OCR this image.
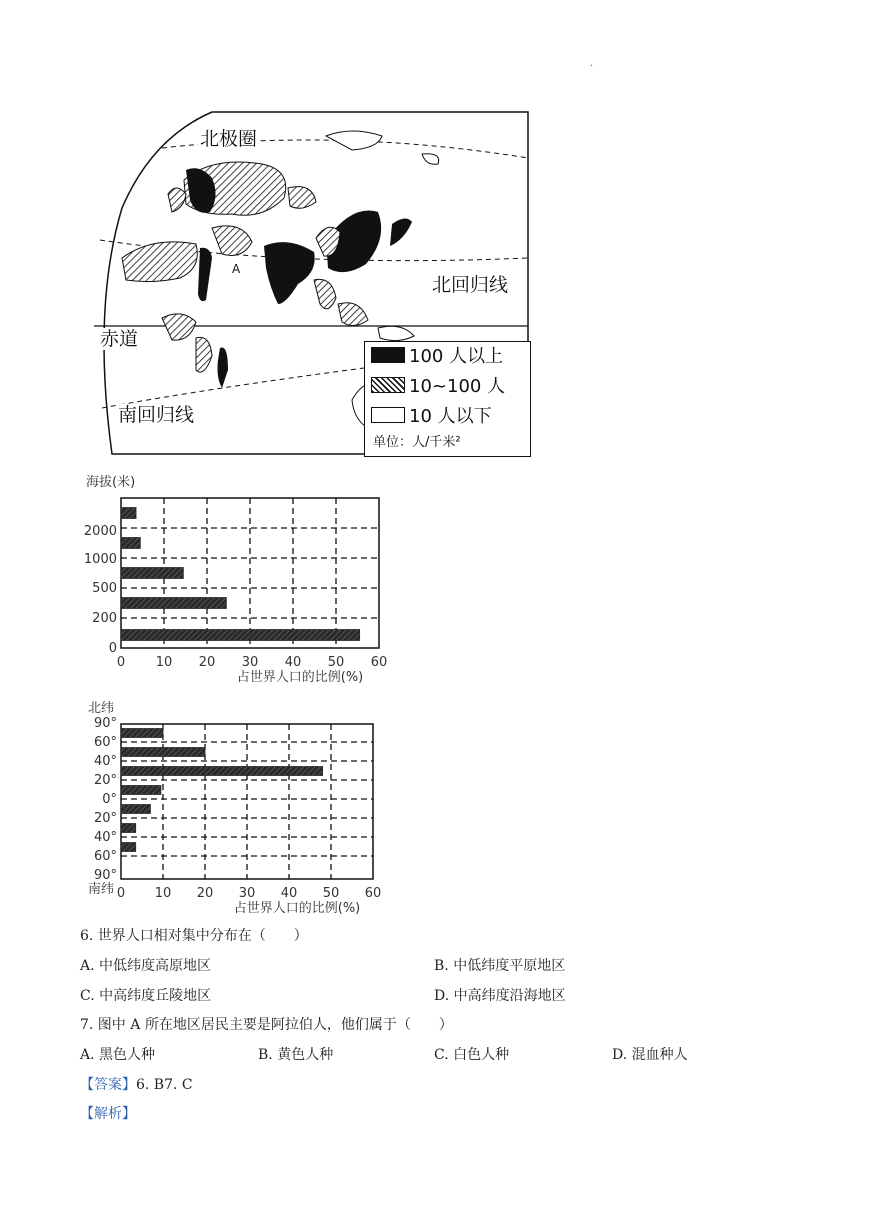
.
北极圈
北回归线
赤道
南回归线
A
100 人以上
10~100 人
10 人以下
单位：人/千米²
海拔(米)
0 10 20 30 40 50 60
2000
1000
500
200
0
占世界人口的比例(%)
北纬
南纬 0 10 20 30 40 50 60
90°
60°
40°
20°
0°
20°
40°
60°
90°
占世界人口的比例(%)
6. 世界人口相对集中分布在（　　）
A. 中低纬度高原地区	B. 中低纬度平原地区
C. 中高纬度丘陵地区	D. 中高纬度沿海地区
7. 图中 A 所在地区居民主要是阿拉伯人，他们属于（　　）
A. 黑色人种	B. 黄色人种	C. 白色人种	D. 混血种人
【答案】6. B7. C
【解析】
